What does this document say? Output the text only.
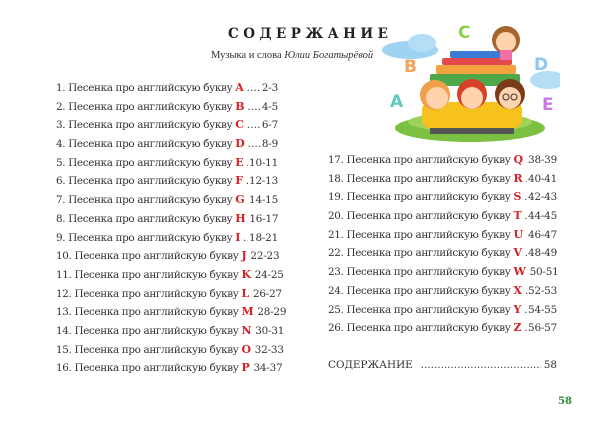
СОДЕРЖАНИЕ
Музыка и слова Юлии Богатырёвой
B
C
D
A	E
1. Песенка про английскую букву A ..... 2-3
2. Песенка про английскую букву B ..... 4-5
3. Песенка про английскую букву C ..... 6-7
4. Песенка про английскую букву D ..... 8-9
5. Песенка про английскую букву E ..... 10-11
6. Песенка про английскую букву F ..... 12-13
7. Песенка про английскую букву G ..... 14-15
8. Песенка про английскую букву H 16-17
9. Песенка про английскую букву I ..... 18-21
10. Песенка про английскую букву J 22-23
11. Песенка про английскую букву K 24-25
12. Песенка про английскую букву L 26-27
13. Песенка про английскую букву M 28-29
14. Песенка про английскую букву N 30-31
15. Песенка про английскую букву O 32-33
16. Песенка про английскую букву P 34-37
17. Песенка про английскую букву Q ..... 38-39
18. Песенка про английскую букву R ..... 40-41
19. Песенка про английскую букву S ..... 42-43
20. Песенка про английскую букву T ..... 44-45
21. Песенка про английскую букву U ..... 46-47
22. Песенка про английскую букву V ..... 48-49
23. Песенка про английскую букву W 50-51
24. Песенка про английскую букву X ..... 52-53
25. Песенка про английскую букву Y ..... 54-55
26. Песенка про английскую букву Z ..... 56-57
СОДЕРЖАНИЕ .....	58
58
